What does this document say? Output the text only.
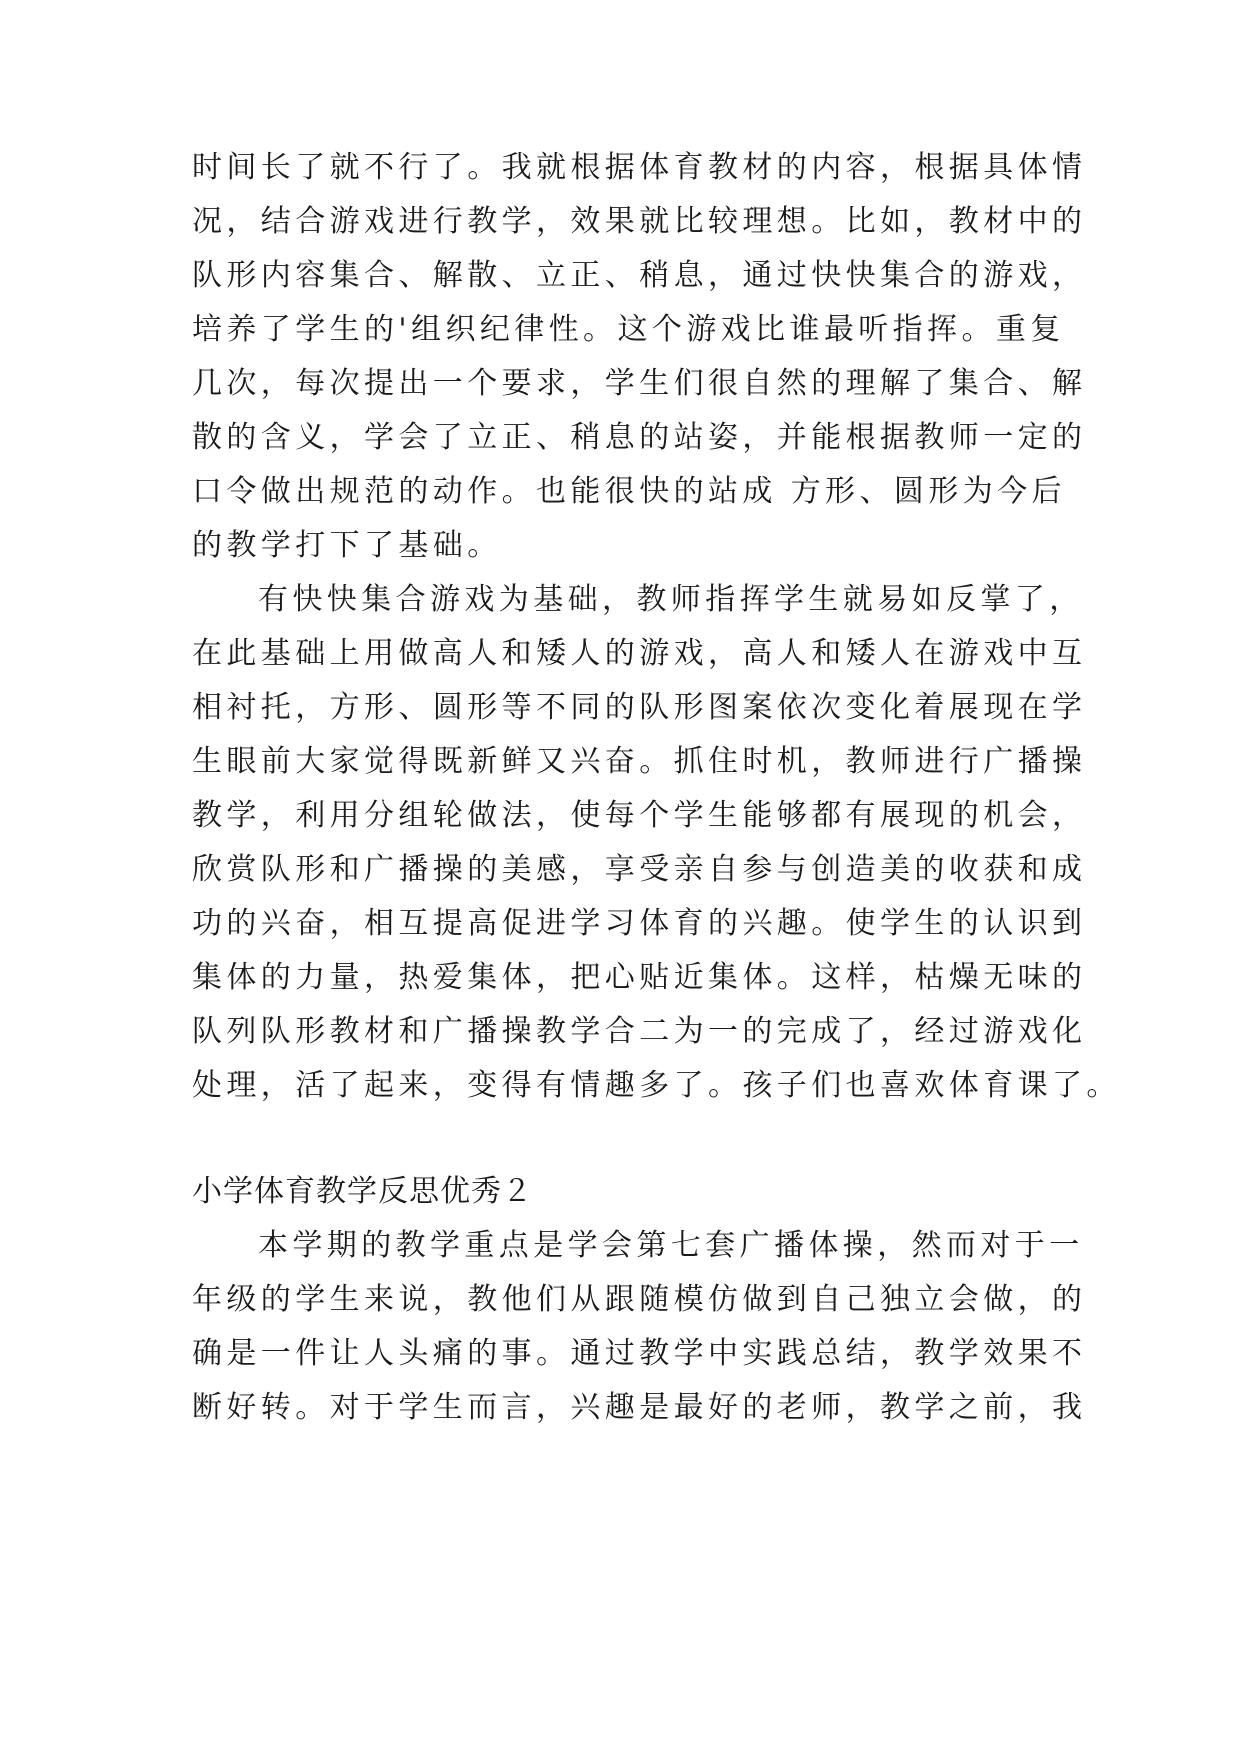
时间长了就不行了。我就根据体育教材的内容，根据具体情
况，结合游戏进行教学，效果就比较理想。比如，教材中的
队形内容集合、解散、立正、稍息，通过快快集合的游戏，
培养了学生的'组织纪律性。这个游戏比谁最听指挥。重复
几次，每次提出一个要求，学生们很自然的理解了集合、解
散的含义，学会了立正、稍息的站姿，并能根据教师一定的
口令做出规范的动作。也能很快的站成 方形、圆形为今后
的教学打下了基础。
有快快集合游戏为基础，教师指挥学生就易如反掌了，
在此基础上用做高人和矮人的游戏，高人和矮人在游戏中互
相衬托，方形、圆形等不同的队形图案依次变化着展现在学
生眼前大家觉得既新鲜又兴奋。抓住时机，教师进行广播操
教学，利用分组轮做法，使每个学生能够都有展现的机会，
欣赏队形和广播操的美感，享受亲自参与创造美的收获和成
功的兴奋，相互提高促进学习体育的兴趣。使学生的认识到
集体的力量，热爱集体，把心贴近集体。这样，枯燥无味的
队列队形教材和广播操教学合二为一的完成了，经过游戏化
处理，活了起来，变得有情趣多了。孩子们也喜欢体育课了。
小学体育教学反思优秀２
本学期的教学重点是学会第七套广播体操，然而对于一
年级的学生来说，教他们从跟随模仿做到自己独立会做，的
确是一件让人头痛的事。通过教学中实践总结，教学效果不
断好转。对于学生而言，兴趣是最好的老师，教学之前，我
